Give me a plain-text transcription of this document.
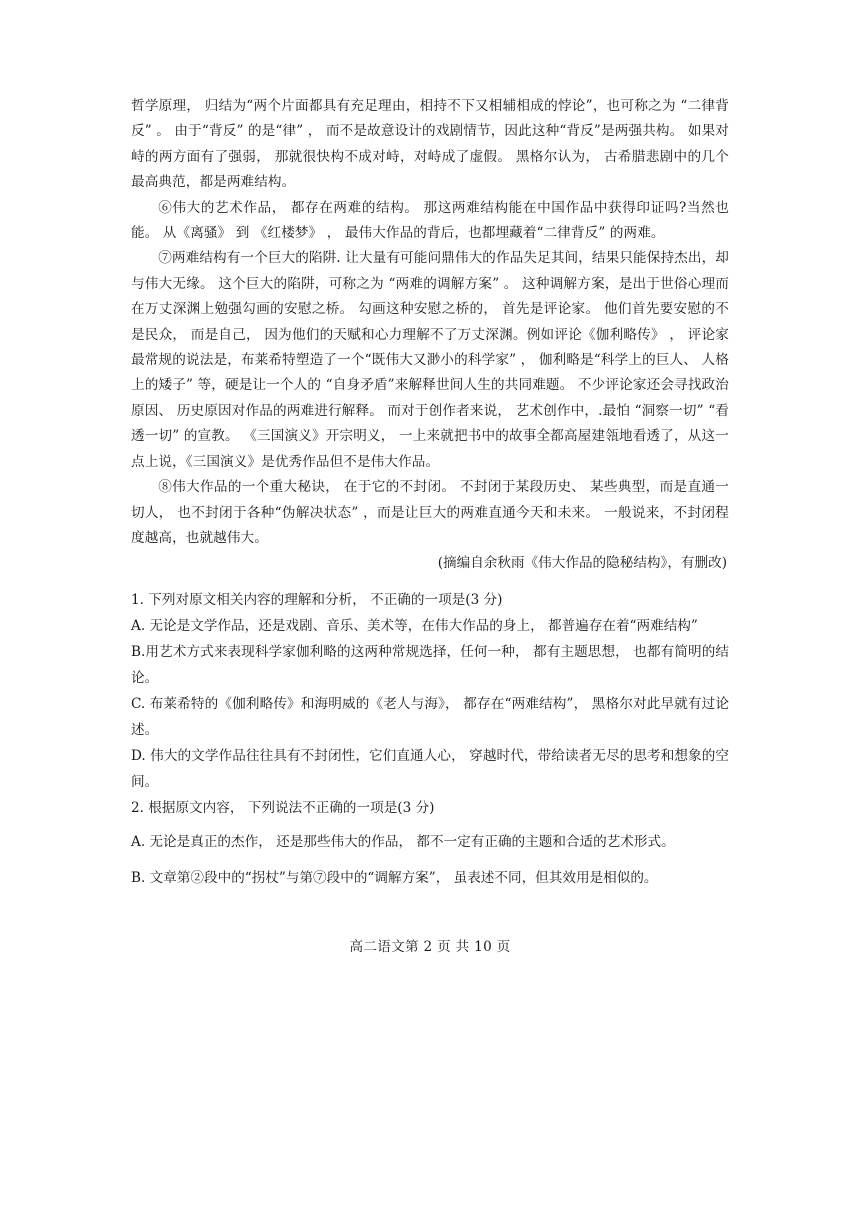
哲学原理， 归结为“两个片面都具有充足理由，相持不下又相辅相成的悖论”，也可称之为 “二律背反” 。 由于“背反” 的是“律” ， 而不是故意设计的戏剧情节，因此这种“背反”是两强共构。 如果对峙的两方面有了强弱， 那就很快构不成对峙，对峙成了虚假。 黑格尔认为， 古希腊悲剧中的几个最高典范，都是两难结构。

⑥伟大的艺术作品， 都存在两难的结构。 那这两难结构能在中国作品中获得印证吗?当然也能。 从《离骚》 到 《红楼梦》 ， 最伟大作品的背后，也都埋藏着“二律背反” 的两难。

⑦两难结构有一个巨大的陷阱. 让大量有可能问鼎伟大的作品失足其间，结果只能保持杰出，却与伟大无缘。 这个巨大的陷阱，可称之为 “两难的调解方案” 。 这种调解方案，是出于世俗心理而在万丈深渊上勉强勾画的安慰之桥。 勾画这种安慰之桥的， 首先是评论家。 他们首先要安慰的不是民众， 而是自己， 因为他们的天赋和心力理解不了万丈深渊。例如评论《伽利略传》 ， 评论家最常规的说法是，布莱希特塑造了一个“既伟大又渺小的科学家” ， 伽利略是“科学上的巨人、 人格上的矮子” 等，硬是让一个人的 “自身矛盾”来解释世间人生的共同难题。 不少评论家还会寻找政治原因、 历史原因对作品的两难进行解释。 而对于创作者来说， 艺术创作中，.最怕 “洞察一切” “看透一切” 的宣教。 《三国演义》开宗明义， 一上来就把书中的故事全都高屋建瓴地看透了，从这一点上说，《三国演义》是优秀作品但不是伟大作品。

⑧伟大作品的一个重大秘诀， 在于它的不封闭。 不封闭于某段历史、 某些典型，而是直通一切人， 也不封闭于各种“伪解决状态” ，而是让巨大的两难直通今天和未来。 一般说来，不封闭程度越高，也就越伟大。

(摘编自余秋雨《伟大作品的隐秘结构》，有删改)

1. 下列对原文相关内容的理解和分析， 不正确的一项是(3 分)

A. 无论是文学作品，还是戏剧、音乐、美术等，在伟大作品的身上， 都普遍存在着“两难结构”

B.用艺术方式来表现科学家伽利略的这两种常规选择，任何一种， 都有主题思想， 也都有简明的结论。

C. 布莱希特的《伽利略传》和海明威的《老人与海》， 都存在“两难结构”， 黑格尔对此早就有过论述。

D. 伟大的文学作品往往具有不封闭性，它们直通人心， 穿越时代，带给读者无尽的思考和想象的空间。

2. 根据原文内容， 下列说法不正确的一项是(3 分)

A. 无论是真正的杰作， 还是那些伟大的作品， 都不一定有正确的主题和合适的艺术形式。

B. 文章第②段中的“拐杖”与第⑦段中的“调解方案”， 虽表述不同，但其效用是相似的。

高二语文第 2 页 共 10 页
